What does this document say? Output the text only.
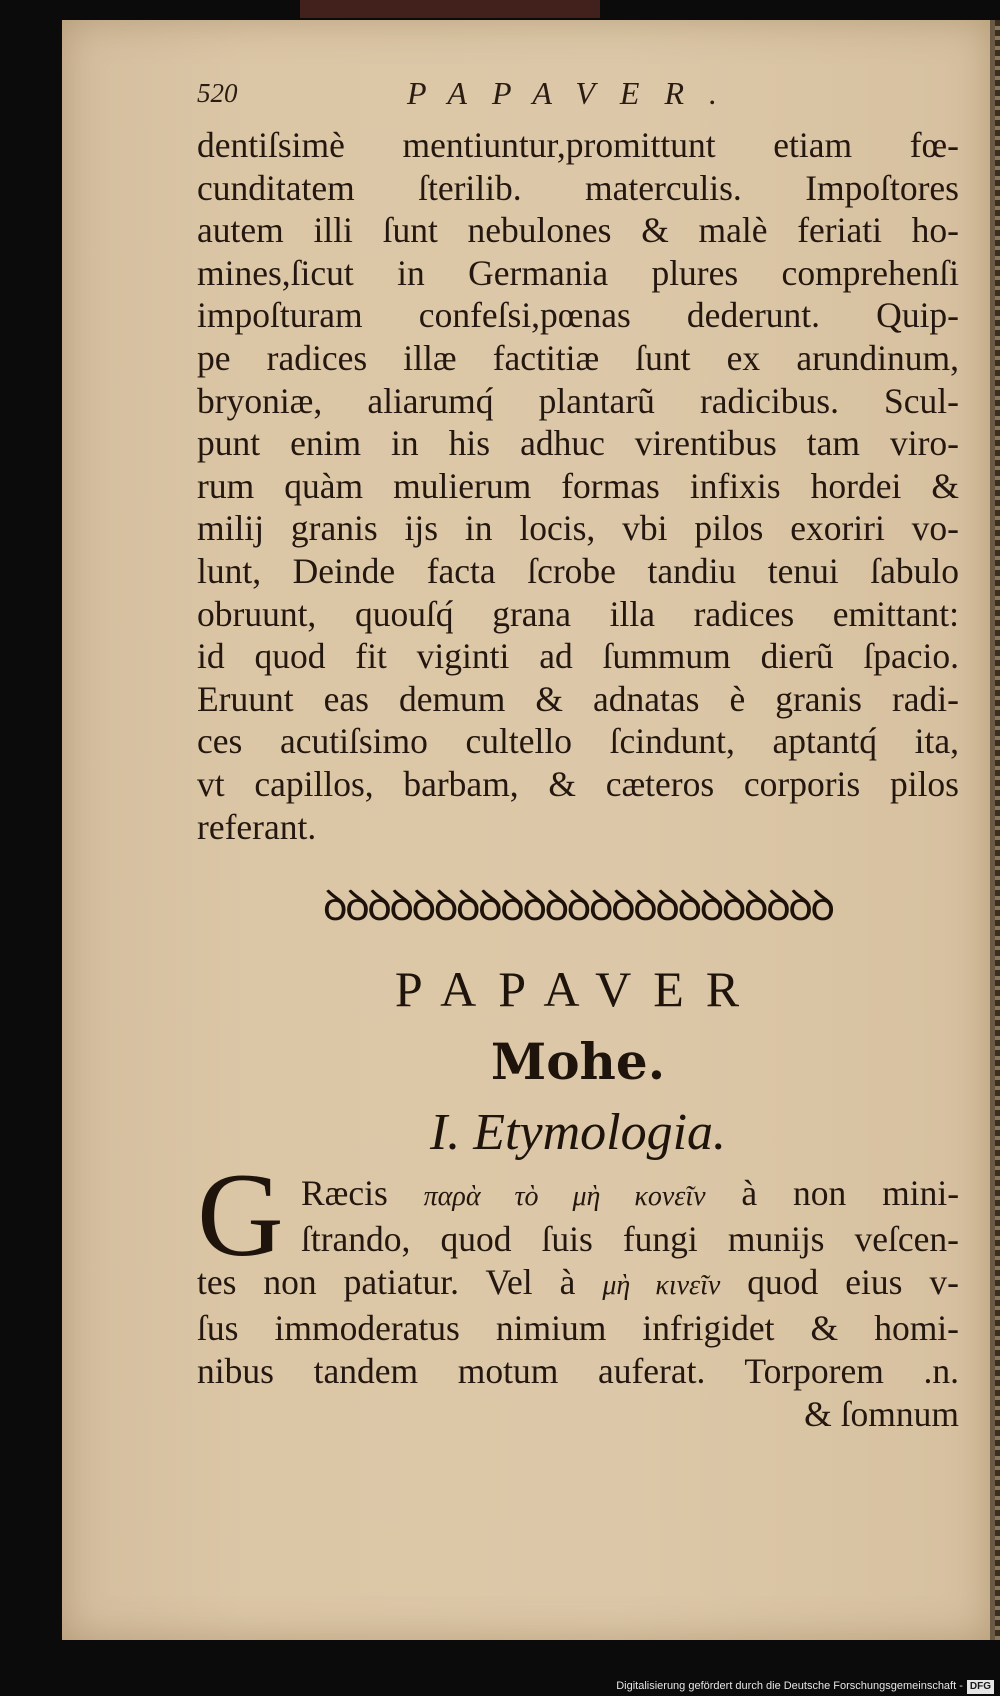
520	PAPAVER.
dentiſsimè mentiuntur,promittunt etiam fœ-
cunditatem ſterilib. materculis. Impoſtores
autem illi ſunt nebulones & malè feriati ho-
mines,ſicut in Germania plures comprehenſi
impoſturam confeſsi,pœnas dederunt. Quip-
pe radices illæ factitiæ ſunt ex arundinum,
bryoniæ, aliarumq́ plantarũ radicibus. Scul-
punt enim in his adhuc virentibus tam viro-
rum quàm mulierum formas infixis hordei &
milij granis ijs in locis, vbi pilos exoriri vo-
lunt, Deinde facta ſcrobe tandiu tenui ſabulo
obruunt, quouſq́ grana illa radices emittant:
id quod fit viginti ad ſummum dierũ ſpacio.
Eruunt eas demum & adnatas è granis radi-
ces acutiſsimo cultello ſcindunt, aptantq́ ita,
vt capillos, barbam, & cæteros corporis pilos
referant.
ꝺꝺꝺꝺꝺꝺꝺꝺꝺꝺꝺꝺꝺꝺꝺꝺꝺꝺꝺꝺꝺꝺꝺ
PAPAVER
Mohe.
I. Etymologia.
G Ræcis παρὰ τὸ μὴ κονεῖν à non mini-
ſtrando, quod ſuis fungi munijs veſcen-
tes non patiatur. Vel à μὴ κινεῖν quod eius v-
ſus immoderatus nimium infrigidet & homi-
nibus tandem motum auferat. Torporem .n.
& ſomnum
Digitalisierung gefördert durch die Deutsche Forschungsgemeinschaft - DFG
